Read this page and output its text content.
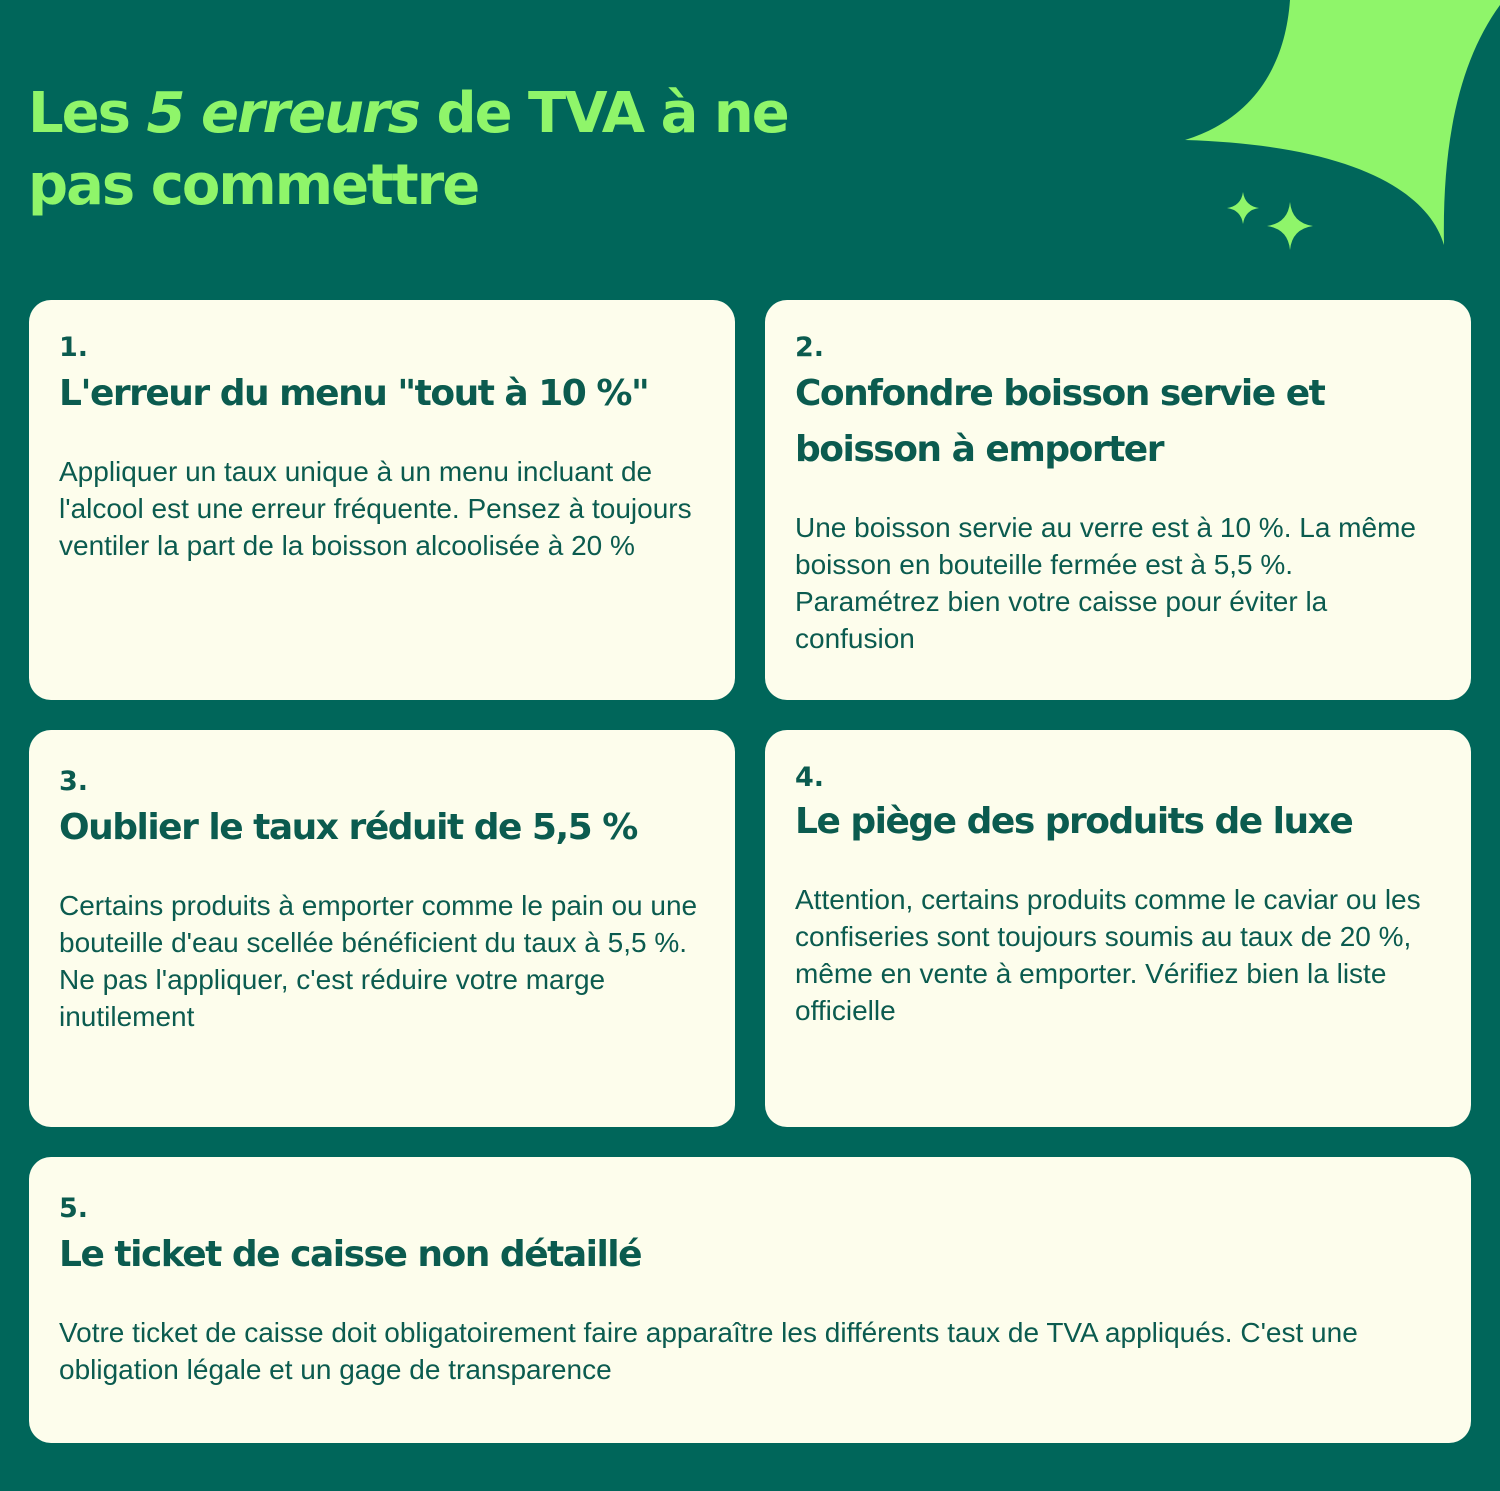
Les 5 erreurs de TVA à ne pas commettre
1.
L'erreur du menu "tout à 10 %"
Appliquer un taux unique à un menu incluant de l'alcool est une erreur fréquente. Pensez à toujours ventiler la part de la boisson alcoolisée à 20 %
2.
Confondre boisson servie et boisson à emporter
Une boisson servie au verre est à 10 %. La même boisson en bouteille fermée est à 5,5 %. Paramétrez bien votre caisse pour éviter la confusion
3.
Oublier le taux réduit de 5,5 %
Certains produits à emporter comme le pain ou une bouteille d'eau scellée bénéficient du taux à 5,5 %. Ne pas l'appliquer, c'est réduire votre marge inutilement
4.
Le piège des produits de luxe
Attention, certains produits comme le caviar ou les confiseries sont toujours soumis au taux de 20 %, même en vente à emporter. Vérifiez bien la liste officielle
5.
Le ticket de caisse non détaillé
Votre ticket de caisse doit obligatoirement faire apparaître les différents taux de TVA appliqués. C'est une obligation légale et un gage de transparence
